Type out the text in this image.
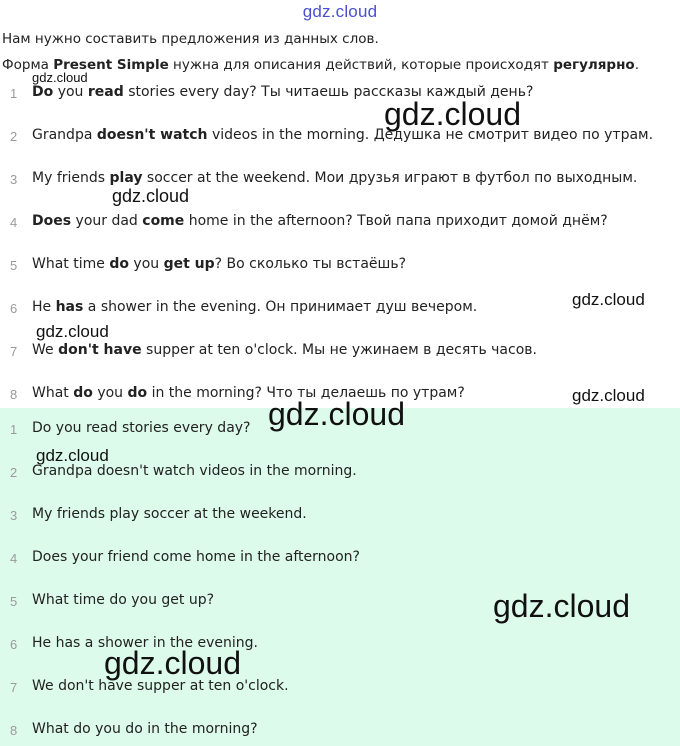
gdz.cloud
Нам нужно составить предложения из данных слов.
Форма Present Simple нужна для описания действий, которые происходят регулярно.
1 Do you read stories every day? Ты читаешь рассказы каждый день?
2 Grandpa doesn't watch videos in the morning. Дедушка не смотрит видео по утрам.
3 My friends play soccer at the weekend. Мои друзья играют в футбол по выходным.
4 Does your dad come home in the afternoon? Твой папа приходит домой днём?
5 What time do you get up? Во сколько ты встаёшь?
6 He has a shower in the evening. Он принимает душ вечером.
7 We don't have supper at ten o'clock. Мы не ужинаем в десять часов.
8 What do you do in the morning? Что ты делаешь по утрам?
1 Do you read stories every day?
2 Grandpa doesn't watch videos in the morning.
3 My friends play soccer at the weekend.
4 Does your friend come home in the afternoon?
5 What time do you get up?
6 He has a shower in the evening.
7 We don't have supper at ten o'clock.
8 What do you do in the morning?
gdz.cloud
gdz.cloud
gdz.cloud
gdz.cloud
gdz.cloud
gdz.cloud
gdz.cloud
gdz.cloud
gdz.cloud
gdz.cloud
